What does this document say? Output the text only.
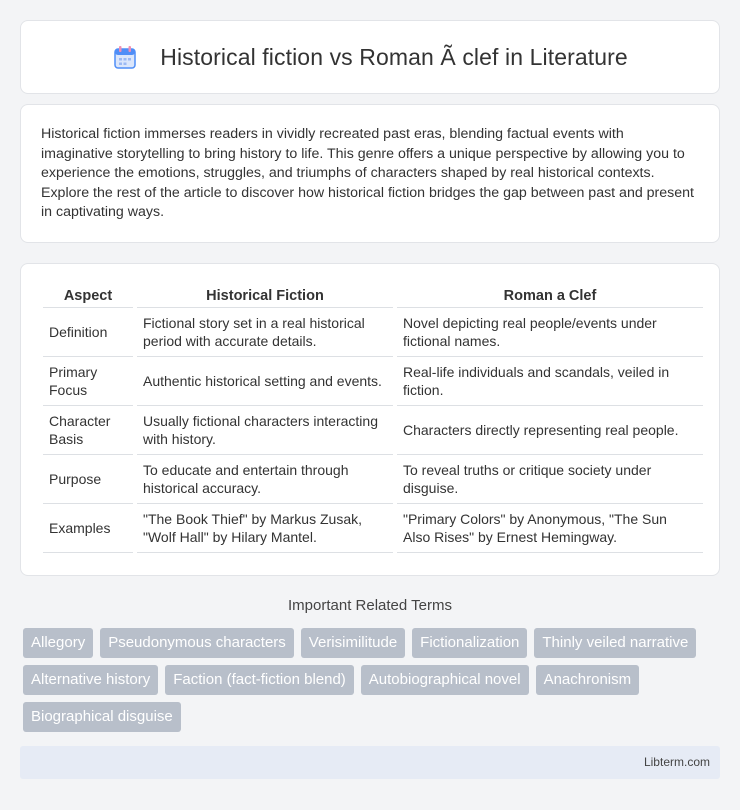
Historical fiction vs Roman Ã clef in Literature

Historical fiction immerses readers in vividly recreated past eras, blending factual events with imaginative storytelling to bring history to life. This genre offers a unique perspective by allowing you to experience the emotions, struggles, and triumphs of characters shaped by real historical contexts. Explore the rest of the article to discover how historical fiction bridges the gap between past and present in captivating ways.

Aspect	Historical Fiction	Roman a Clef
Definition	Fictional story set in a real historical period with accurate details.	Novel depicting real people/events under fictional names.
Primary Focus	Authentic historical setting and events.	Real-life individuals and scandals, veiled in fiction.
Character Basis	Usually fictional characters interacting with history.	Characters directly representing real people.
Purpose	To educate and entertain through historical accuracy.	To reveal truths or critique society under disguise.
Examples	"The Book Thief" by Markus Zusak, "Wolf Hall" by Hilary Mantel.	"Primary Colors" by Anonymous, "The Sun Also Rises" by Ernest Hemingway.
Important Related Terms
Allegory	Pseudonymous characters	Verisimilitude	Fictionalization	Thinly veiled narrative
Alternative history	Faction (fact-fiction blend)	Autobiographical novel	Anachronism
Biographical disguise
Libterm.com
